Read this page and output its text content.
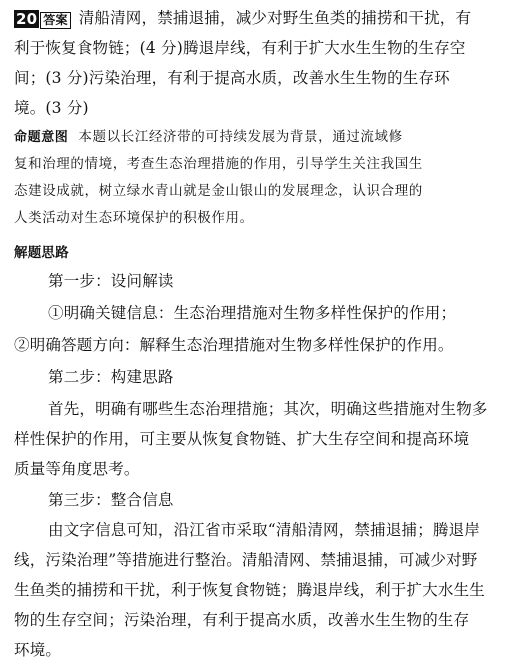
20 答案 清船清网，禁捕退捕，减少对野生鱼类的捕捞和干扰，有
利于恢复食物链；(4 分)腾退岸线，有利于扩大水生生物的生存空
间；(3 分)污染治理，有利于提高水质，改善水生生物的生存环
境。(3 分)
命题意图 本题以长江经济带的可持续发展为背景，通过流域修
复和治理的情境，考查生态治理措施的作用，引导学生关注我国生
态建设成就，树立绿水青山就是金山银山的发展理念，认识合理的
人类活动对生态环境保护的积极作用。
解题思路
第一步：设问解读
①明确关键信息：生态治理措施对生物多样性保护的作用；
②明确答题方向：解释生态治理措施对生物多样性保护的作用。
第二步：构建思路
首先，明确有哪些生态治理措施；其次，明确这些措施对生物多
样性保护的作用，可主要从恢复食物链、扩大生存空间和提高环境
质量等角度思考。
第三步：整合信息
由文字信息可知，沿江省市采取“清船清网，禁捕退捕；腾退岸
线，污染治理”等措施进行整治。清船清网、禁捕退捕，可减少对野
生鱼类的捕捞和干扰，利于恢复食物链；腾退岸线，利于扩大水生生
物的生存空间；污染治理，有利于提高水质，改善水生生物的生存
环境。
